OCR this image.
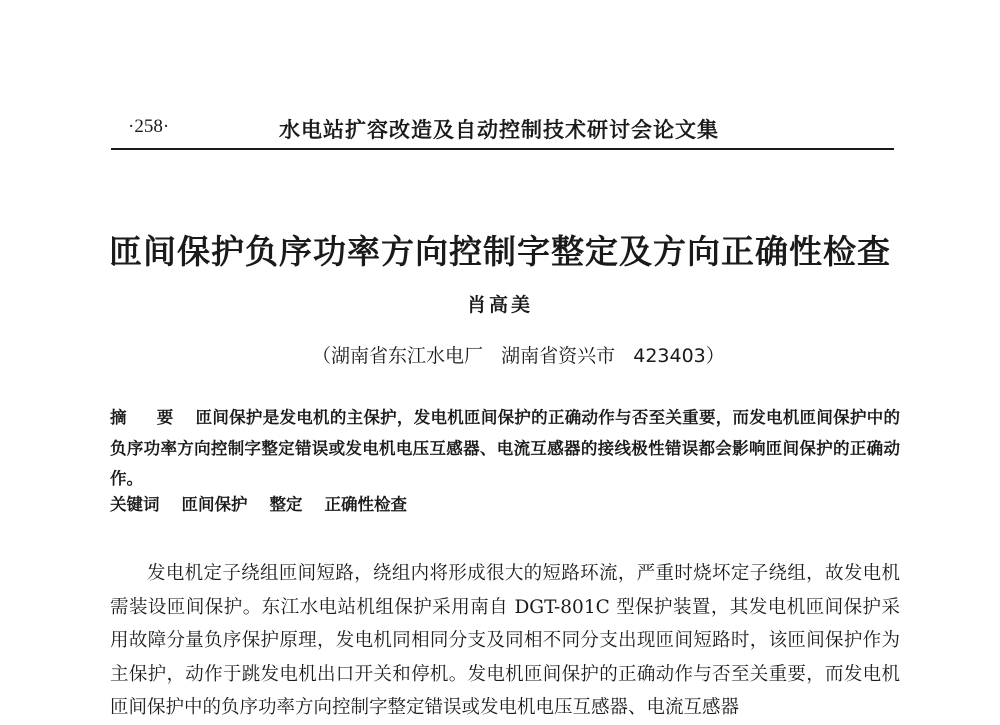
·258·	水电站扩容改造及自动控制技术研讨会论文集
匝间保护负序功率方向控制字整定及方向正确性检查
肖高美
（湖南省东江水电厂   湖南省资兴市   423403）
摘 要 匝间保护是发电机的主保护，发电机匝间保护的正确动作与否至关重要，而发电机匝间保护中的负序功率方向控制字整定错误或发电机电压互感器、电流互感器的接线极性错误都会影响匝间保护的正确动作。
关键词 匝间保护 整定 正确性检查
发电机定子绕组匝间短路，绕组内将形成很大的短路环流，严重时烧坏定子绕组，故发电机需装设匝间保护。东江水电站机组保护采用南自 DGT-801C 型保护装置，其发电机匝间保护采用故障分量负序保护原理，发电机同相同分支及同相不同分支出现匝间短路时，该匝间保护作为主保护，动作于跳发电机出口开关和停机。发电机匝间保护的正确动作与否至关重要，而发电机匝间保护中的负序功率方向控制字整定错误或发电机电压互感器、电流互感器
